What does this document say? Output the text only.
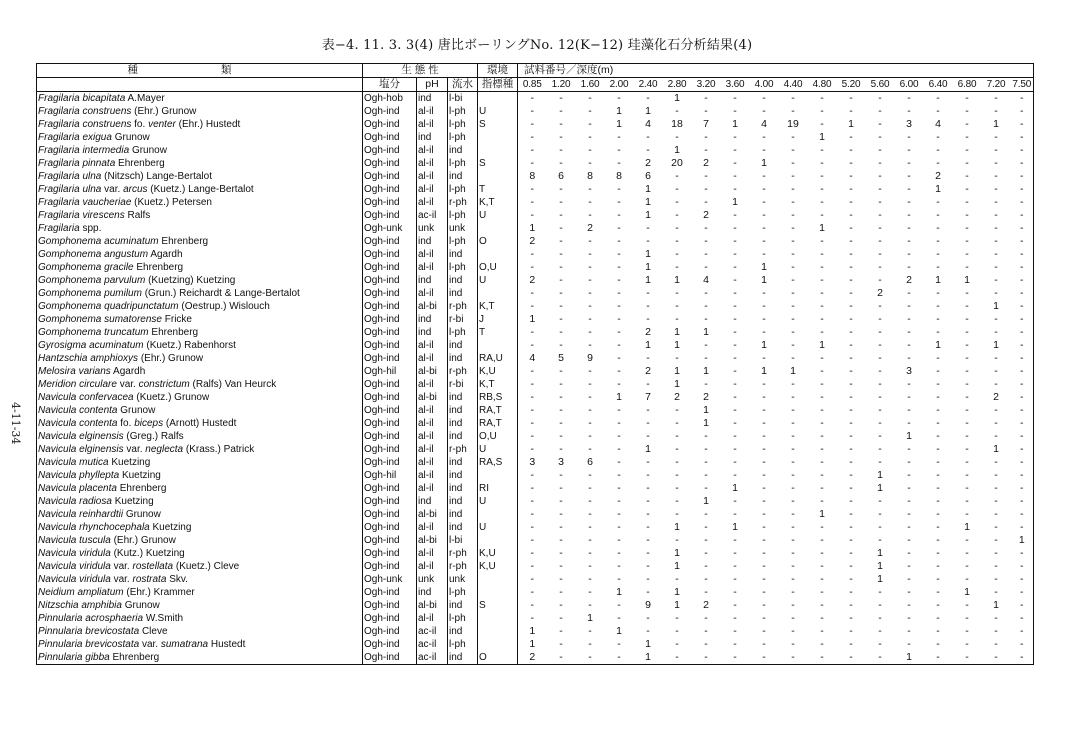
表−4. 11. 3. 3(4) 唐比ボーリングNo. 12(K−12) 珪藻化石分析結果(4)
4-11-34
種 類	生 態 性			環境	試料番号／深度(m)																	
	塩分	pH	流水	指標種	0.85	1.20	1.60	2.00	2.40	2.80	3.20	3.60	4.00	4.40	4.80	5.20	5.60	6.00	6.40	6.80	7.20	7.50
Fragilaria bicapitata A.Mayer	Ogh-hob	ind	l-bi		-	-	-	-	-	1	-	-	-	-	-	-	-	-	-	-	-	-
Fragilaria construens (Ehr.) Grunow	Ogh-ind	al-il	l-ph	U	-	-	-	1	1	-	-	-	-	-	-	-	-	-	-	-	-	-
Fragilaria construens fo. venter (Ehr.) Hustedt	Ogh-ind	al-il	l-ph	S	-	-	-	1	4	18	7	1	4	19	-	1	-	3	4	-	1	-
Fragilaria exigua Grunow	Ogh-ind	ind	l-ph		-	-	-	-	-	-	-	-	-	-	1	-	-	-	-	-	-	-
Fragilaria intermedia Grunow	Ogh-ind	al-il	ind		-	-	-	-	-	1	-	-	-	-	-	-	-	-	-	-	-	-
Fragilaria pinnata Ehrenberg	Ogh-ind	al-il	l-ph	S	-	-	-	-	2	20	2	-	1	-	-	-	-	-	-	-	-	-
Fragilaria ulna (Nitzsch) Lange-Bertalot	Ogh-ind	al-il	ind		8	6	8	8	6	-	-	-	-	-	-	-	-	-	2	-	-	-
Fragilaria ulna var. arcus (Kuetz.) Lange-Bertalot	Ogh-ind	al-il	l-ph	T	-	-	-	-	1	-	-	-	-	-	-	-	-	-	1	-	-	-
Fragilaria vaucheriae (Kuetz.) Petersen	Ogh-ind	al-il	r-ph	K,T	-	-	-	-	1	-	-	1	-	-	-	-	-	-	-	-	-	-
Fragilaria virescens Ralfs	Ogh-ind	ac-il	l-ph	U	-	-	-	-	1	-	2	-	-	-	-	-	-	-	-	-	-	-
Fragilaria spp.	Ogh-unk	unk	unk		1	-	2	-	-	-	-	-	-	-	1	-	-	-	-	-	-	-
Gomphonema acuminatum Ehrenberg	Ogh-ind	ind	l-ph	O	2	-	-	-	-	-	-	-	-	-	-	-	-	-	-	-	-	-
Gomphonema angustum Agardh	Ogh-ind	al-il	ind		-	-	-	-	1	-	-	-	-	-	-	-	-	-	-	-	-	-
Gomphonema gracile Ehrenberg	Ogh-ind	al-il	l-ph	O,U	-	-	-	-	1	-	-	-	1	-	-	-	-	-	-	-	-	-
Gomphonema parvulum (Kuetzing) Kuetzing	Ogh-ind	ind	ind	U	2	-	-	-	1	1	4	-	1	-	-	-	-	2	1	1	-	-
Gomphonema pumilum (Grun.) Reichardt & Lange-Bertalot	Ogh-ind	al-il	ind		-	-	-	-	-	-	-	-	-	-	-	-	2	-	-	-	-	-
Gomphonema quadripunctatum (Oestrup.) Wislouch	Ogh-ind	al-bi	r-ph	K,T	-	-	-	-	-	-	-	-	-	-	-	-	-	-	-	-	1	-
Gomphonema sumatorense Fricke	Ogh-ind	ind	r-bi	J	1	-	-	-	-	-	-	-	-	-	-	-	-	-	-	-	-	-
Gomphonema truncatum Ehrenberg	Ogh-ind	ind	l-ph	T	-	-	-	-	2	1	1	-	-	-	-	-	-	-	-	-	-	-
Gyrosigma acuminatum (Kuetz.) Rabenhorst	Ogh-ind	al-il	ind		-	-	-	-	1	1	-	-	1	-	1	-	-	-	1	-	1	-
Hantzschia amphioxys (Ehr.) Grunow	Ogh-ind	al-il	ind	RA,U	4	5	9	-	-	-	-	-	-	-	-	-	-	-	-	-	-	-
Melosira varians Agardh	Ogh-hil	al-bi	r-ph	K,U	-	-	-	-	2	1	1	-	1	1	-	-	-	3	-	-	-	-
Meridion circulare var. constrictum (Ralfs) Van Heurck	Ogh-ind	al-il	r-bi	K,T	-	-	-	-	-	1	-	-	-	-	-	-	-	-	-	-	-	-
Navicula confervacea (Kuetz.) Grunow	Ogh-ind	al-bi	ind	RB,S	-	-	-	1	7	2	2	-	-	-	-	-	-	-	-	-	2	-
Navicula contenta Grunow	Ogh-ind	al-il	ind	RA,T	-	-	-	-	-	-	1	-	-	-	-	-	-	-	-	-	-	-
Navicula contenta fo. biceps (Arnott) Hustedt	Ogh-ind	al-il	ind	RA,T	-	-	-	-	-	-	1	-	-	-	-	-	-	-	-	-	-	-
Navicula elginensis (Greg.) Ralfs	Ogh-ind	al-il	ind	O,U	-	-	-	-	-	-	-	-	-	-	-	-	-	1	-	-	-	-
Navicula elginensis var. neglecta (Krass.) Patrick	Ogh-ind	al-il	r-ph	U	-	-	-	-	1	-	-	-	-	-	-	-	-	-	-	-	1	-
Navicula mutica Kuetzing	Ogh-ind	al-il	ind	RA,S	3	3	6	-	-	-	-	-	-	-	-	-	-	-	-	-	-	-
Navicula phyllepta Kuetzing	Ogh-hil	al-il	ind		-	-	-	-	-	-	-	-	-	-	-	-	1	-	-	-	-	-
Navicula placenta Ehrenberg	Ogh-ind	al-il	ind	RI	-	-	-	-	-	-	-	1	-	-	-	-	1	-	-	-	-	-
Navicula radiosa Kuetzing	Ogh-ind	ind	ind	U	-	-	-	-	-	-	1	-	-	-	-	-	-	-	-	-	-	-
Navicula reinhardtii Grunow	Ogh-ind	al-bi	ind		-	-	-	-	-	-	-	-	-	-	1	-	-	-	-	-	-	-
Navicula rhynchocephala Kuetzing	Ogh-ind	al-il	ind	U	-	-	-	-	-	1	-	1	-	-	-	-	-	-	-	1	-	-
Navicula tuscula (Ehr.) Grunow	Ogh-ind	al-bi	l-bi		-	-	-	-	-	-	-	-	-	-	-	-	-	-	-	-	-	1
Navicula viridula (Kutz.) Kuetzing	Ogh-ind	al-il	r-ph	K,U	-	-	-	-	-	1	-	-	-	-	-	-	1	-	-	-	-	-
Navicula viridula var. rostellata (Kuetz.) Cleve	Ogh-ind	al-il	r-ph	K,U	-	-	-	-	-	1	-	-	-	-	-	-	1	-	-	-	-	-
Navicula viridula var. rostrata Skv.	Ogh-unk	unk	unk		-	-	-	-	-	-	-	-	-	-	-	-	1	-	-	-	-	-
Neidium ampliatum (Ehr.) Krammer	Ogh-ind	ind	l-ph		-	-	-	1	-	1	-	-	-	-	-	-	-	-	-	1	-	-
Nitzschia amphibia Grunow	Ogh-ind	al-bi	ind	S	-	-	-	-	9	1	2	-	-	-	-	-	-	-	-	-	1	-
Pinnularia acrosphaeria W.Smith	Ogh-ind	al-il	l-ph		-	-	1	-	-	-	-	-	-	-	-	-	-	-	-	-	-	-
Pinnularia brevicostata Cleve	Ogh-ind	ac-il	ind		1	-	-	1	-	-	-	-	-	-	-	-	-	-	-	-	-	-
Pinnularia brevicostata var. sumatrana Hustedt	Ogh-ind	ac-il	l-ph		1	-	-	-	1	-	-	-	-	-	-	-	-	-	-	-	-	-
Pinnularia gibba Ehrenberg	Ogh-ind	ac-il	ind	O	2	-	-	-	1	-	-	-	-	-	-	-	-	1	-	-	-	-
